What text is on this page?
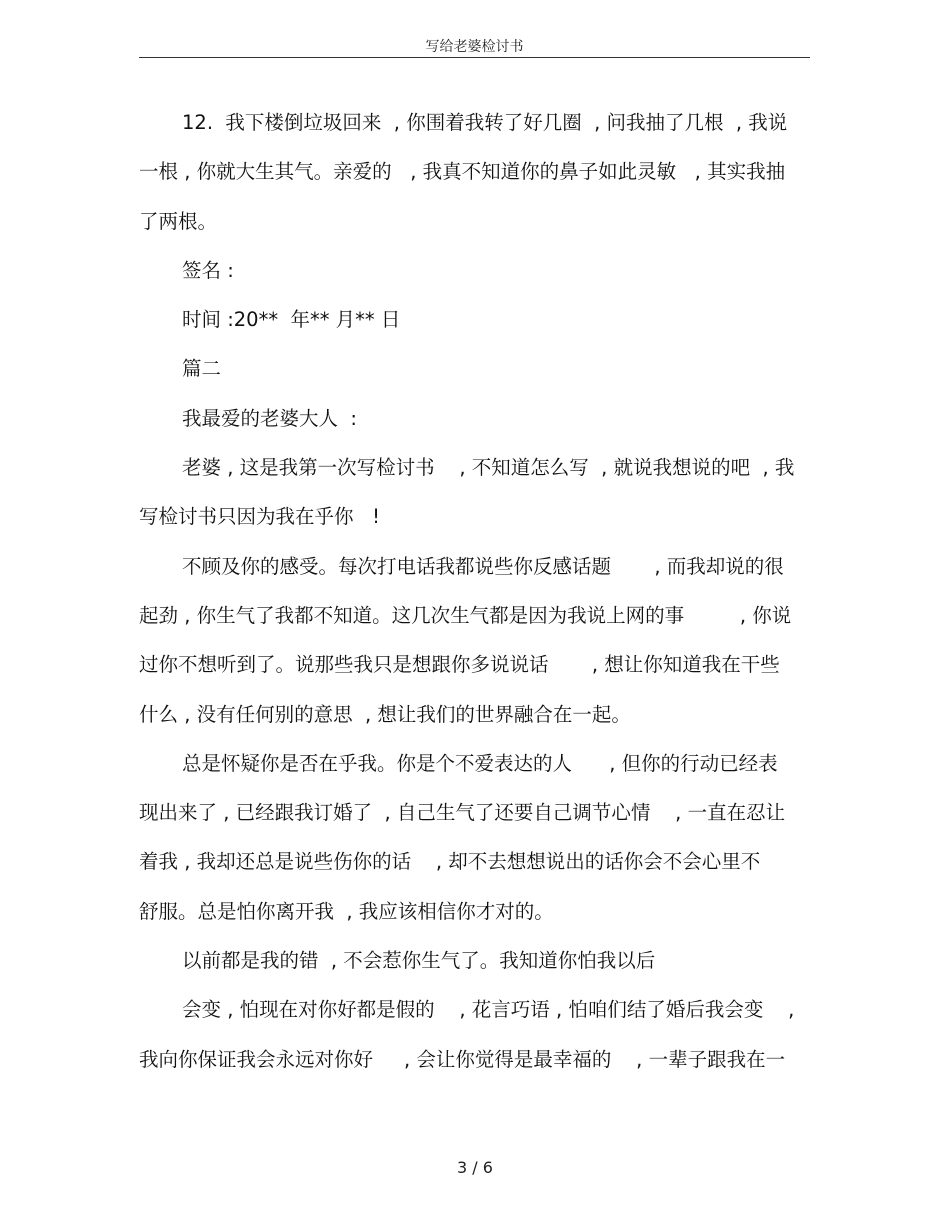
写给老婆检讨书
12.  我下楼倒垃圾回来  , 你围着我转了好几圈  , 问我抽了几根  , 我说
一根 , 你就大生其气。亲爱的   , 我真不知道你的鼻子如此灵敏   , 其实我抽
了两根。
签名 :
时间 :20**  年** 月** 日
篇二
我最爱的老婆大人  :
老婆 , 这是我第一次写检讨书    , 不知道怎么写  , 就说我想说的吧  , 我
写检讨书只因为我在乎你   !
不顾及你的感受。每次打电话我都说些你反感话题       , 而我却说的很
起劲 , 你生气了我都不知道。这几次生气都是因为我说上网的事         , 你说
过你不想听到了。说那些我只是想跟你多说说话       , 想让你知道我在干些
什么 , 没有任何别的意思  , 想让我们的世界融合在一起。
总是怀疑你是否在乎我。你是个不爱表达的人      , 但你的行动已经表
现出来了 , 已经跟我订婚了  , 自己生气了还要自己调节心情    , 一直在忍让
着我 , 我却还总是说些伤你的话    , 却不去想想说出的话你会不会心里不
舒服。总是怕你离开我  , 我应该相信你才对的。
以前都是我的错  , 不会惹你生气了。我知道你怕我以后
会变 , 怕现在对你好都是假的    , 花言巧语 , 怕咱们结了婚后我会变    ,
我向你保证我会永远对你好     , 会让你觉得是最幸福的    , 一辈子跟我在一
3 / 6
